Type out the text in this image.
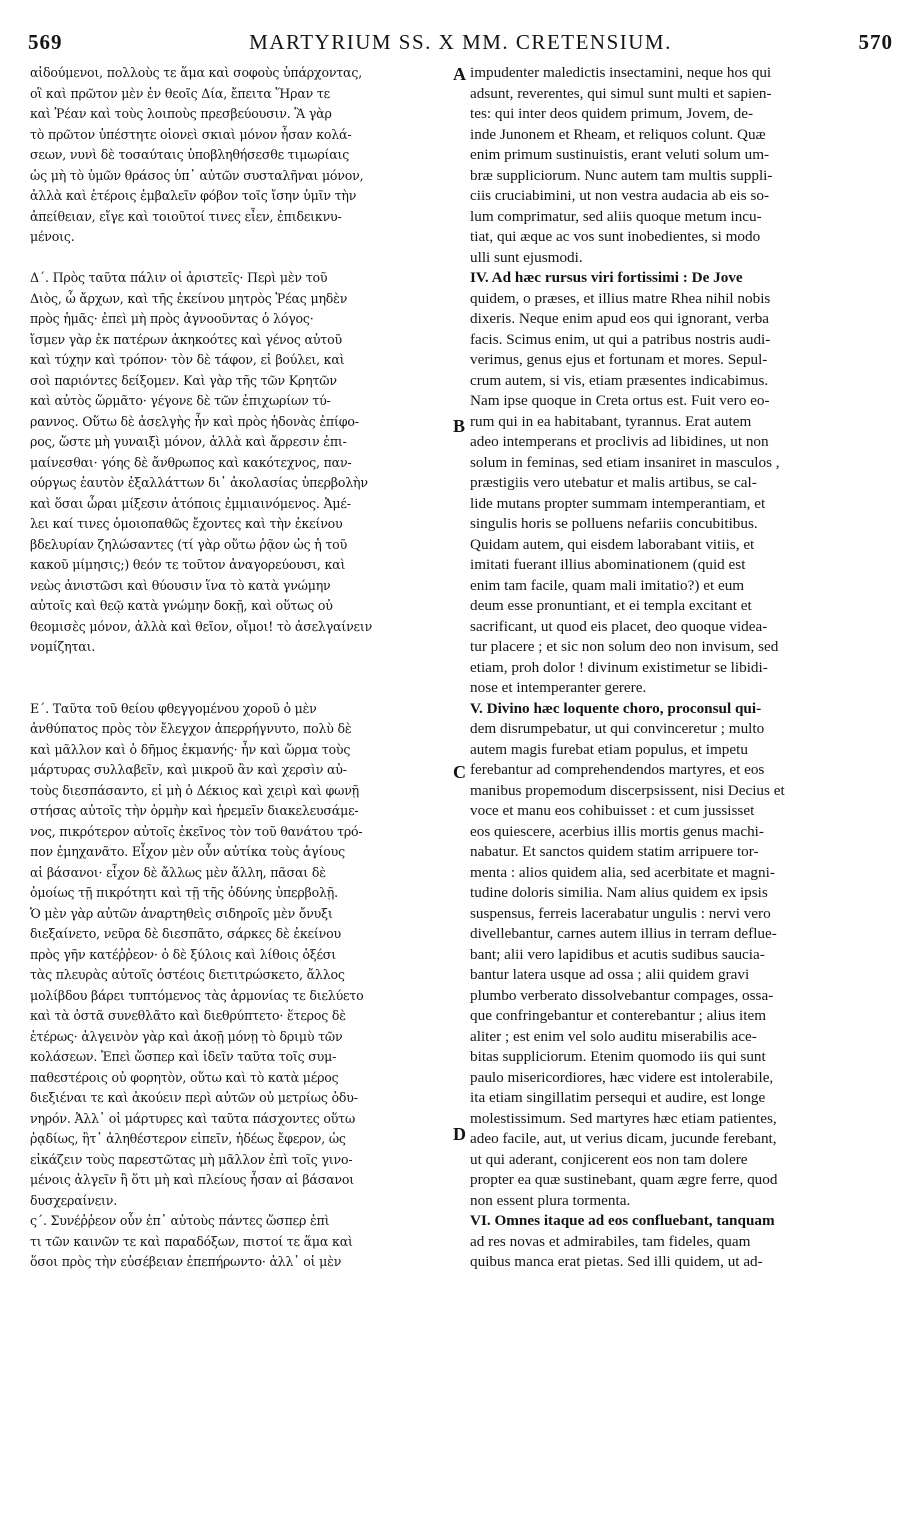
569	MARTYRIUM SS. X MM. CRETENSIUM.	570
αἰδούμενοι, πολλοὺς τε ἅμα καὶ σοφοὺς ὑπάρχοντας,
οἳ καὶ πρῶτον μὲν ἐν θεοῖς Δία, ἔπειτα Ἥραν τε
καὶ Ῥέαν καὶ τοὺς λοιποὺς πρεσβεύουσιν. Ἃ γὰρ
τὸ πρῶτον ὑπέστητε οἱονεὶ σκιαὶ μόνον ἦσαν κολά-
σεων, νυνὶ δὲ τοσαύταις ὑποβληθήσεσθε τιμωρίαις
ὡς μὴ τὸ ὑμῶν θράσος ὑπ᾽ αὐτῶν συσταλῆναι μόνον,
ἀλλὰ καὶ ἑτέροις ἐμβαλεῖν φόβον τοῖς ἴσην ὑμῖν τὴν
ἀπείθειαν, εἴγε καὶ τοιοῦτοί τινες εἶεν, ἐπιδεικνυ-
μένοις.
Δ΄. Πρὸς ταῦτα πάλιν οἱ ἀριστεῖς· Περὶ μὲν τοῦ
Διὸς, ὦ ἄρχων, καὶ τῆς ἐκείνου μητρὸς Ῥέας μηδὲν
πρὸς ἡμᾶς· ἐπεὶ μὴ πρὸς ἀγνοοῦντας ὁ λόγος·
ἴσμεν γὰρ ἐκ πατέρων ἀκηκοότες καὶ γένος αὐτοῦ
καὶ τύχην καὶ τρόπον· τὸν δὲ τάφον, εἰ βούλει, καὶ
σοὶ παριόντες δείξομεν. Καὶ γὰρ τῆς τῶν Κρητῶν
καὶ αὐτὸς ὥρμᾶτο· γέγονε δὲ τῶν ἐπιχωρίων τύ-
ραννος. Οὕτω δὲ ἀσελγὴς ἦν καὶ πρὸς ἡδονὰς ἐπίφο-
ρος, ὥστε μὴ γυναιξὶ μόνον, ἀλλὰ καὶ ἄρρεσιν ἐπι-
μαίνεσθαι· γόης δὲ ἄνθρωπος καὶ κακότεχνος, παν-
ούργως ἑαυτὸν ἐξαλλάττων δι᾽ ἀκολασίας ὑπερβολὴν
καὶ ὅσαι ὧραι μίξεσιν ἀτόποις ἐμμιαινόμενος. Ἀμέ-
λει καί τινες ὁμοιοπαθῶς ἔχοντες καὶ τὴν ἐκείνου
βδελυρίαν ζηλώσαντες (τί γὰρ οὕτω ῥᾷον ὡς ἡ τοῦ
κακοῦ μίμησις;) θεόν τε τοῦτον ἀναγορεύουσι, καὶ
νεὼς ἀνιστῶσι καὶ θύουσιν ἵνα τὸ κατὰ γνώμην
αὐτοῖς καὶ θεῷ κατὰ γνώμην δοκῇ, καὶ οὕτως οὐ
θεομισὲς μόνον, ἀλλὰ καὶ θεῖον, οἴμοι! τὸ ἀσελγαίνειν
νομίζηται.
Ε΄. Ταῦτα τοῦ θείου φθεγγομένου χοροῦ ὁ μὲν
ἀνθύπατος πρὸς τὸν ἔλεγχον ἀπερρήγνυτο, πολὺ δὲ
καὶ μᾶλλον καὶ ὁ δῆμος ἐκμανής· ἦν καὶ ὥρμα τοὺς
μάρτυρας συλλαβεῖν, καὶ μικροῦ ἂν καὶ χερσὶν αὐ-
τοὺς διεσπάσαντο, εἰ μὴ ὁ Δέκιος καὶ χειρὶ καὶ φωνῇ
στήσας αὐτοῖς τὴν ὁρμὴν καὶ ἠρεμεῖν διακελευσάμε-
νος, πικρότερον αὐτοῖς ἐκεῖνος τὸν τοῦ θανάτου τρό-
πον ἐμηχανᾶτο. Εἶχον μὲν οὖν αὐτίκα τοὺς ἁγίους
αἱ βάσανοι· εἶχον δὲ ἄλλως μὲν ἄλλη, πᾶσαι δὲ
ὁμοίως τῇ πικρότητι καὶ τῇ τῆς ὀδύνης ὑπερβολῇ.
Ὁ μὲν γὰρ αὐτῶν ἀναρτηθεὶς σιδηροῖς μὲν ὄνυξι
διεξαίνετο, νεῦρα δὲ διεσπᾶτο, σάρκες δὲ ἐκείνου
πρὸς γῆν κατέῤῥεον· ὁ δὲ ξύλοις καὶ λίθοις ὀξέσι
τὰς πλευρὰς αὐτοῖς ὀστέοις διετιτρώσκετο, ἄλλος
μολίβδου βάρει τυπτόμενος τὰς ἁρμονίας τε διελύετο
καὶ τὰ ὀστᾶ συνεθλᾶτο καὶ διεθρύπτετο· ἕτερος δὲ
ἑτέρως· ἀλγεινὸν γὰρ καὶ ἀκοῇ μόνῃ τὸ δριμὺ τῶν
κολάσεων. Ἐπεὶ ὥσπερ καὶ ἰδεῖν ταῦτα τοῖς συμ-
παθεστέροις οὐ φορητὸν, οὕτω καὶ τὸ κατὰ μέρος
διεξιέναι τε καὶ ἀκούειν περὶ αὐτῶν οὐ μετρίως ὀδυ-
νηρόν. Ἀλλ᾽ οἱ μάρτυρες καὶ ταῦτα πάσχοντες οὕτω
ῥᾳδίως, ἢτ᾽ ἀληθέστερον εἰπεῖν, ἡδέως ἔφερον, ὡς
εἰκάζειν τοὺς παρεστῶτας μὴ μᾶλλον ἐπὶ τοῖς γινο-
μένοις ἀλγεῖν ἢ ὅτι μὴ καὶ πλείους ἦσαν αἱ βάσανοι
δυσχεραίνειν.
ς΄. Συνέῤῥεον οὖν ἐπ᾽ αὐτοὺς πάντες ὥσπερ ἐπὶ
τι τῶν καινῶν τε καὶ παραδόξων, πιστοί τε ἅμα καὶ
ὅσοι πρὸς τὴν εὐσέβειαν ἐπεπήρωντο· ἀλλ᾽ οἱ μὲν
impudenter maledictis insectamini, neque hos qui
adsunt, reverentes, qui simul sunt multi et sapien-
tes: qui inter deos quidem primum, Jovem, de-
inde Junonem et Rheam, et reliquos colunt. Quæ
enim primum sustinuistis, erant veluti solum um-
bræ suppliciorum. Nunc autem tam multis suppli-
ciis cruciabimini, ut non vestra audacia ab eis so-
lum comprimatur, sed aliis quoque metum incu-
tiat, qui æque ac vos sunt inobedientes, si modo
ulli sunt ejusmodi.
IV. Ad hæc rursus viri fortissimi : De Jove
quidem, o præses, et illius matre Rhea nihil nobis
dixeris. Neque enim apud eos qui ignorant, verba
facis. Scimus enim, ut qui a patribus nostris audi-
verimus, genus ejus et fortunam et mores. Sepul-
crum autem, si vis, etiam præsentes indicabimus.
Nam ipse quoque in Creta ortus est. Fuit vero eo-
rum qui in ea habitabant, tyrannus. Erat autem
adeo intemperans et proclivis ad libidines, ut non
solum in feminas, sed etiam insaniret in masculos ,
præstigiis vero utebatur et malis artibus, se cal-
lide mutans propter summam intemperantiam, et
singulis horis se polluens nefariis concubitibus.
Quidam autem, qui eisdem laborabant vitiis, et
imitati fuerant illius abominationem (quid est
enim tam facile, quam mali imitatio?) et eum
deum esse pronuntiant, et ei templa excitant et
sacrificant, ut quod eis placet, deo quoque videa-
tur placere ; et sic non solum deo non invisum, sed
etiam, proh dolor ! divinum existimetur se libidi-
nose et intemperanter gerere.
V. Divino hæc loquente choro, proconsul qui-
dem disrumpebatur, ut qui convinceretur ; multo
autem magis furebat etiam populus, et impetu
ferebantur ad comprehendendos martyres, et eos
manibus propemodum discerpsissent, nisi Decius et
voce et manu eos cohibuisset : et cum jussisset
eos quiescere, acerbius illis mortis genus machi-
nabatur. Et sanctos quidem statim arripuere tor-
menta : alios quidem alia, sed acerbitate et magni-
tudine doloris similia. Nam alius quidem ex ipsis
suspensus, ferreis lacerabatur ungulis : nervi vero
divellebantur, carnes autem illius in terram deflue-
bant; alii vero lapidibus et acutis sudibus saucia-
bantur latera usque ad ossa ; alii quidem gravi
plumbo verberato dissolvebantur compages, ossa-
que confringebantur et conterebantur ; alius item
aliter ; est enim vel solo auditu miserabilis ace-
bitas suppliciorum. Etenim quomodo iis qui sunt
paulo misericordiores, hæc videre est intolerabile,
ita etiam singillatim persequi et audire, est longe
molestissimum. Sed martyres hæc etiam patientes,
adeo facile, aut, ut verius dicam, jucunde ferebant,
ut qui aderant, conjicerent eos non tam dolere
propter ea quæ sustinebant, quam ægre ferre, quod
non essent plura tormenta.
VI. Omnes itaque ad eos confluebant, tanquam
ad res novas et admirabiles, tam fideles, quam
quibus manca erat pietas. Sed illi quidem, ut ad-
A
B
C
D
